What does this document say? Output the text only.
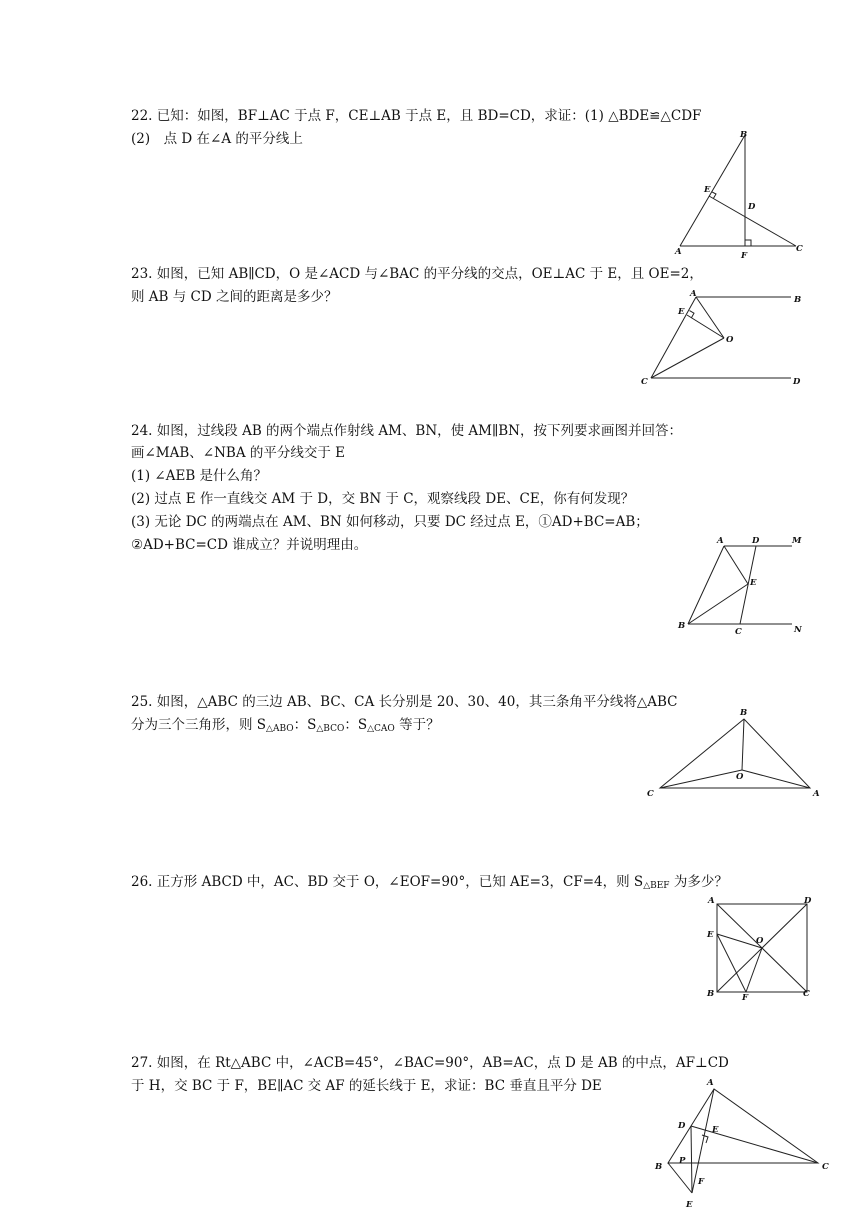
22. 已知：如图，BF⊥AC 于点 F，CE⊥AB 于点 E，且 BD=CD，求证：(1) △BDE≌△CDF
(2)　点 D 在∠A 的平分线上	B
E
D
A	F
C
23. 如图，已知 AB∥CD，O 是∠ACD 与∠BAC 的平分线的交点，OE⊥AC 于 E，且 OE=2，
则 AB 与 CD 之间的距离是多少？	A
B
E
O
C	D
24. 如图，过线段 AB 的两个端点作射线 AM、BN，使 AM∥BN，按下列要求画图并回答：
画∠MAB、∠NBA 的平分线交于 E
(1) ∠AEB 是什么角？
(2) 过点 E 作一直线交 AM 于 D，交 BN 于 C，观察线段 DE、CE，你有何发现？
(3) 无论 DC 的两端点在 AM、BN 如何移动，只要 DC 经过点 E，①AD+BC=AB；
②AD+BC=CD 谁成立？并说明理由。	A	D	M
E
B
C	N
25. 如图，△ABC 的三边 AB、BC、CA 长分别是 20、30、40，其三条角平分线将△ABC
分为三个三角形，则 $S_{\triangle ABO}$：$S_{\triangle BCO}$：$S_{\triangle CAO}$ 等于？
B
O
C	A
26. 正方形 ABCD 中，AC、BD 交于 O，∠EOF=90°，已知 AE=3，CF=4，则 $S_{\triangle BEF}$ 为多少？
A	D
E
O
B	F	C
27. 如图，在 Rt△ABC 中，∠ACB=45°，∠BAC=90°，AB=AC，点 D 是 AB 的中点，AF⊥CD
于 H，交 BC 于 F，BE∥AC 交 AF 的延长线于 E，求证：BC 垂直且平分 DE	A
D	E
B
P
C
F
E
